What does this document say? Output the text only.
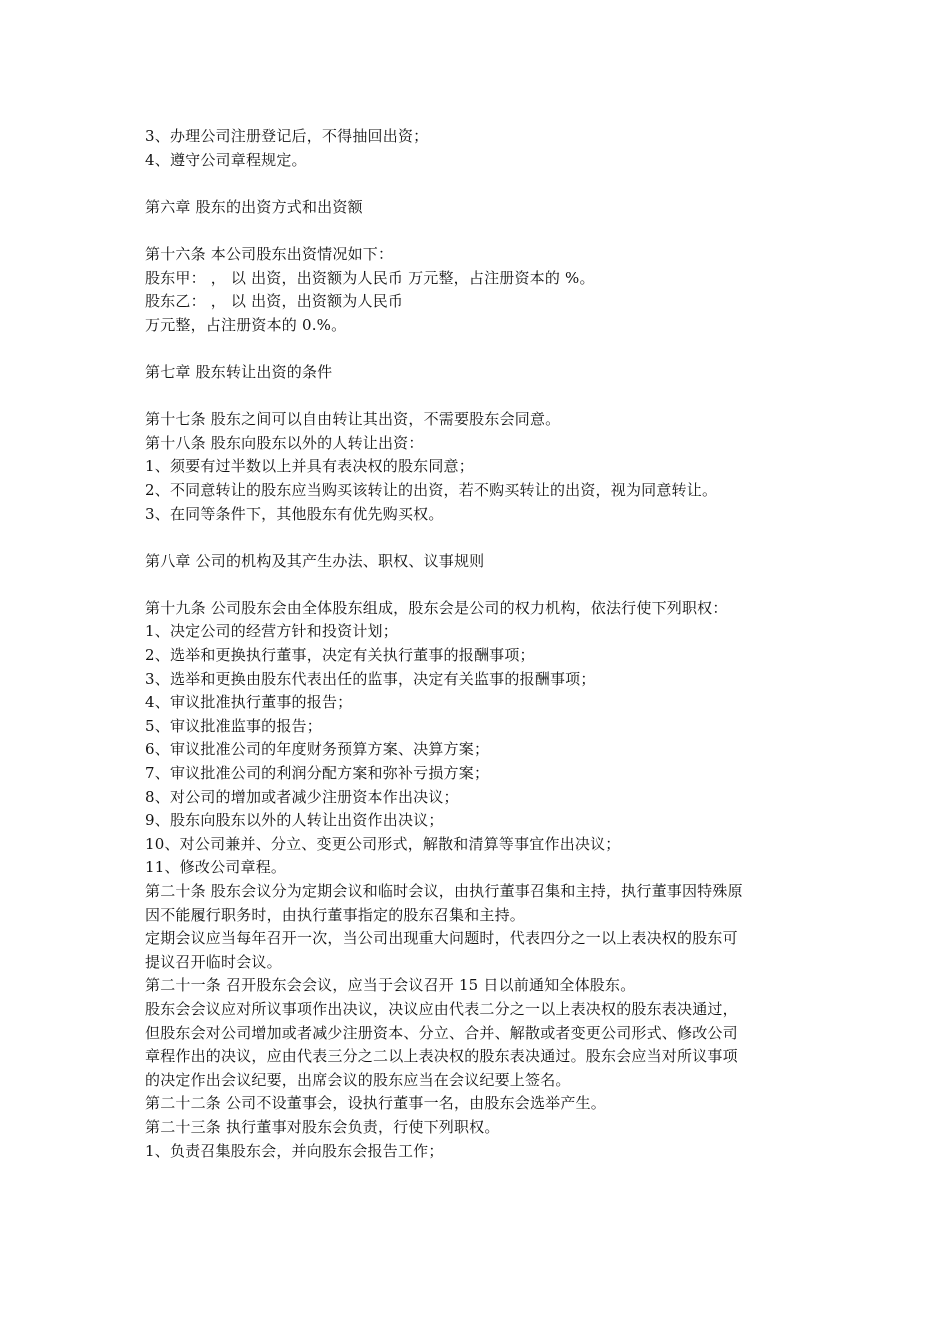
3、办理公司注册登记后，不得抽回出资；
4、遵守公司章程规定。
第六章 股东的出资方式和出资额
第十六条 本公司股东出资情况如下：
股东甲： ， 以 出资，出资额为人民币 万元整，占注册资本的 %。
股东乙： ， 以 出资，出资额为人民币
万元整，占注册资本的 0.%。
第七章 股东转让出资的条件
第十七条 股东之间可以自由转让其出资，不需要股东会同意。
第十八条 股东向股东以外的人转让出资：
1、须要有过半数以上并具有表决权的股东同意；
2、不同意转让的股东应当购买该转让的出资，若不购买转让的出资，视为同意转让。
3、在同等条件下，其他股东有优先购买权。
第八章 公司的机构及其产生办法、职权、议事规则
第十九条 公司股东会由全体股东组成，股东会是公司的权力机构，依法行使下列职权：
1、决定公司的经营方针和投资计划；
2、选举和更换执行董事，决定有关执行董事的报酬事项；
3、选举和更换由股东代表出任的监事，决定有关监事的报酬事项；
4、审议批准执行董事的报告；
5、审议批准监事的报告；
6、审议批准公司的年度财务预算方案、决算方案；
7、审议批准公司的利润分配方案和弥补亏损方案；
8、对公司的增加或者减少注册资本作出决议；
9、股东向股东以外的人转让出资作出决议；
10、对公司兼并、分立、变更公司形式，解散和清算等事宜作出决议；
11、修改公司章程。
第二十条 股东会议分为定期会议和临时会议，由执行董事召集和主持，执行董事因特殊原
因不能履行职务时，由执行董事指定的股东召集和主持。
定期会议应当每年召开一次，当公司出现重大问题时，代表四分之一以上表决权的股东可
提议召开临时会议。
第二十一条 召开股东会会议，应当于会议召开 15 日以前通知全体股东。
股东会会议应对所议事项作出决议，决议应由代表二分之一以上表决权的股东表决通过，
但股东会对公司增加或者减少注册资本、分立、合并、解散或者变更公司形式、修改公司
章程作出的决议，应由代表三分之二以上表决权的股东表决通过。股东会应当对所议事项
的决定作出会议纪要，出席会议的股东应当在会议纪要上签名。
第二十二条 公司不设董事会，设执行董事一名，由股东会选举产生。
第二十三条 执行董事对股东会负责，行使下列职权。
1、负责召集股东会，并向股东会报告工作；
